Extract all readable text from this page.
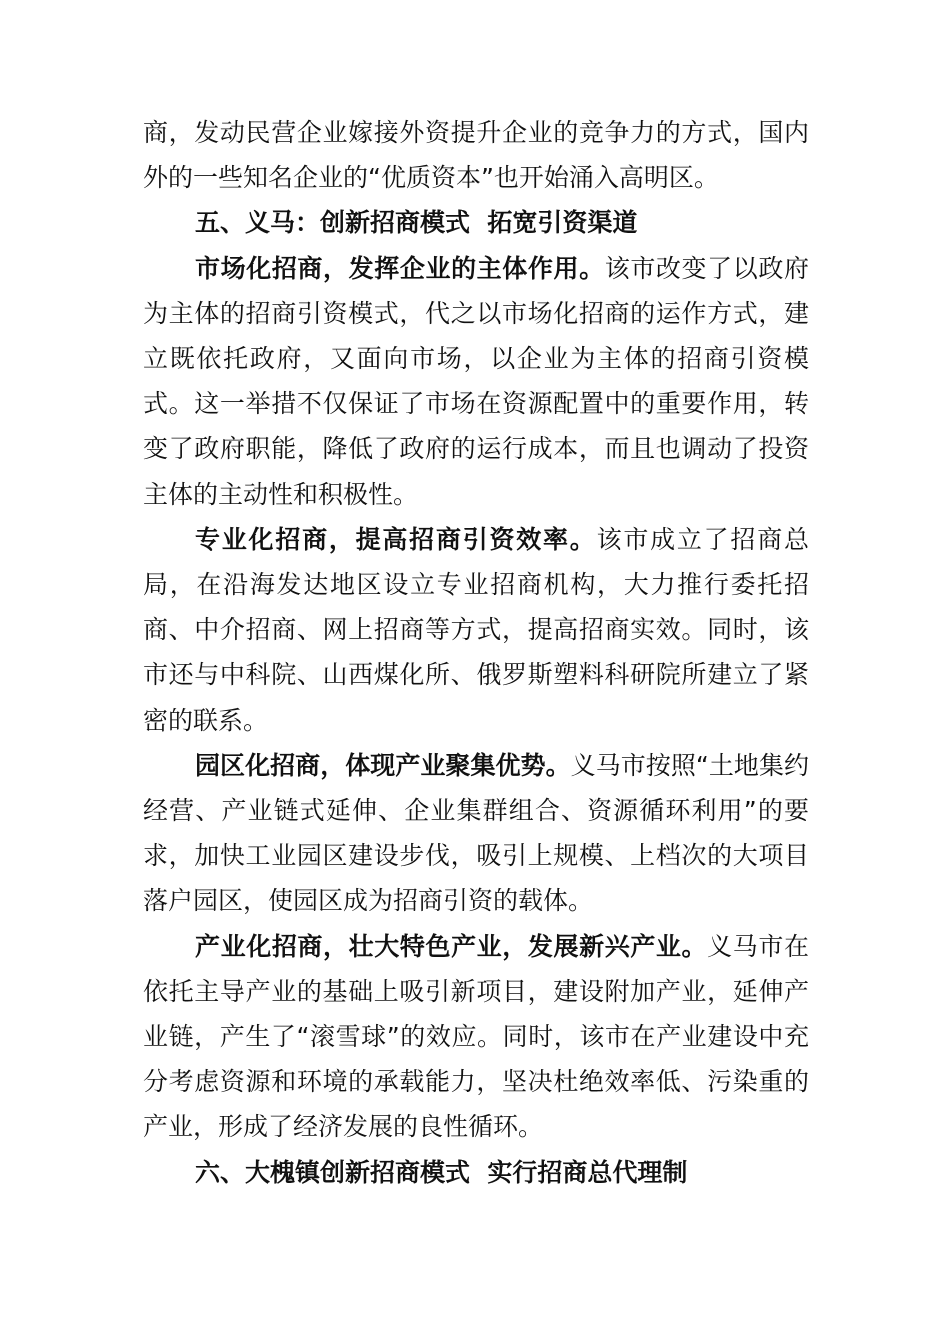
商，发动民营企业嫁接外资提升企业的竞争力的方式，国内外的一些知名企业的“优质资本”也开始涌入高明区。

五、义马：创新招商模式  拓宽引资渠道

市场化招商，发挥企业的主体作用。该市改变了以政府为主体的招商引资模式，代之以市场化招商的运作方式，建立既依托政府，又面向市场，以企业为主体的招商引资模式。这一举措不仅保证了市场在资源配置中的重要作用，转变了政府职能，降低了政府的运行成本，而且也调动了投资主体的主动性和积极性。

专业化招商，提高招商引资效率。该市成立了招商总局，在沿海发达地区设立专业招商机构，大力推行委托招商、中介招商、网上招商等方式，提高招商实效。同时，该市还与中科院、山西煤化所、俄罗斯塑料科研院所建立了紧密的联系。

园区化招商，体现产业聚集优势。义马市按照“土地集约经营、产业链式延伸、企业集群组合、资源循环利用”的要求，加快工业园区建设步伐，吸引上规模、上档次的大项目落户园区，使园区成为招商引资的载体。

产业化招商，壮大特色产业，发展新兴产业。义马市在依托主导产业的基础上吸引新项目，建设附加产业，延伸产业链，产生了“滚雪球”的效应。同时，该市在产业建设中充分考虑资源和环境的承载能力，坚决杜绝效率低、污染重的产业，形成了经济发展的良性循环。

六、大槐镇创新招商模式  实行招商总代理制
